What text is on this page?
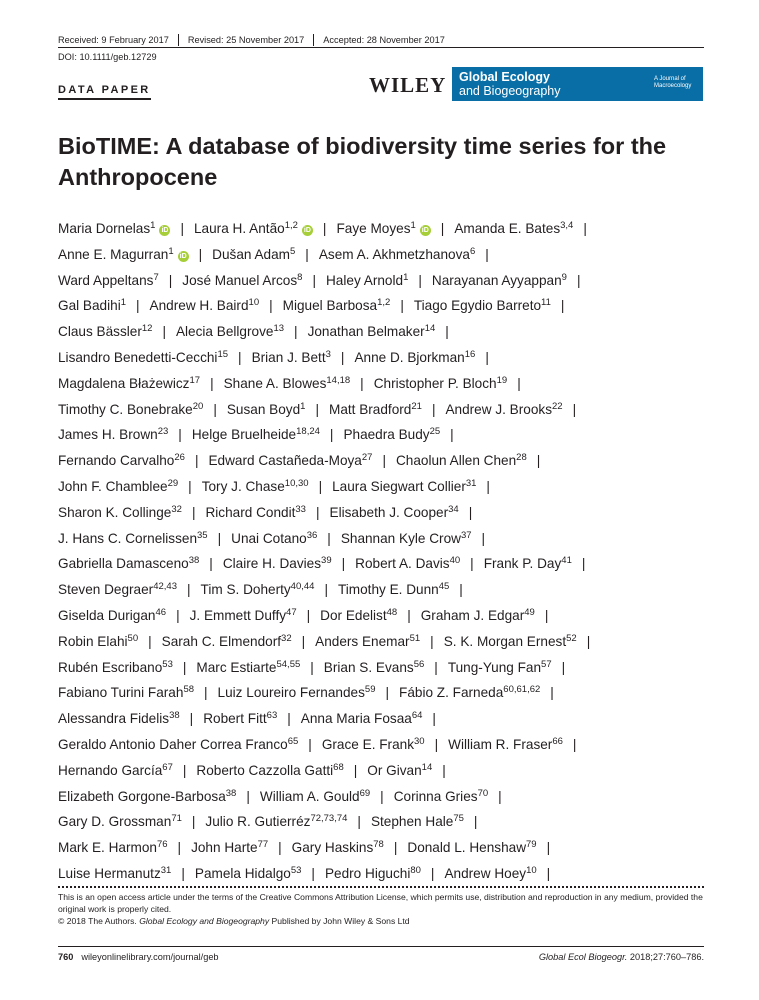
Received: 9 February 2017 Revised: 25 November 2017 Accepted: 28 November 2017
DOI: 10.1111/geb.12729
DATA PAPER	WILEY Global Ecology
and Biogeography
A Journal of Macroecology
BioTIME: A database of biodiversity time series for the Anthropocene
Maria Dornelas$^1$ iD | Laura H. Antão$^{1,2}$ iD | Faye Moyes$^1$ iD | Amanda E. Bates$^{3,4}$ |
Anne E. Magurran$^1$ iD | Dušan Adam$^5$ | Asem A. Akhmetzhanova$^6$ |
Ward Appeltans$^7$ | José Manuel Arcos$^8$ | Haley Arnold$^1$ | Narayanan Ayyappan$^9$ |
Gal Badihi$^1$ | Andrew H. Baird$^{10}$ | Miguel Barbosa$^{1,2}$ | Tiago Egydio Barreto$^{11}$ |
Claus Bässler$^{12}$ | Alecia Bellgrove$^{13}$ | Jonathan Belmaker$^{14}$ |
Lisandro Benedetti-Cecchi$^{15}$ | Brian J. Bett$^3$ | Anne D. Bjorkman$^{16}$ |
Magdalena Błażewicz$^{17}$ | Shane A. Blowes$^{14,18}$ | Christopher P. Bloch$^{19}$ |
Timothy C. Bonebrake$^{20}$ | Susan Boyd$^1$ | Matt Bradford$^{21}$ | Andrew J. Brooks$^{22}$ |
James H. Brown$^{23}$ | Helge Bruelheide$^{18,24}$ | Phaedra Budy$^{25}$ |
Fernando Carvalho$^{26}$ | Edward Castañeda-Moya$^{27}$ | Chaolun Allen Chen$^{28}$ |
John F. Chamblee$^{29}$ | Tory J. Chase$^{10,30}$ | Laura Siegwart Collier$^{31}$ |
Sharon K. Collinge$^{32}$ | Richard Condit$^{33}$ | Elisabeth J. Cooper$^{34}$ |
J. Hans C. Cornelissen$^{35}$ | Unai Cotano$^{36}$ | Shannan Kyle Crow$^{37}$ |
Gabriella Damasceno$^{38}$ | Claire H. Davies$^{39}$ | Robert A. Davis$^{40}$ | Frank P. Day$^{41}$ |
Steven Degraer$^{42,43}$ | Tim S. Doherty$^{40,44}$ | Timothy E. Dunn$^{45}$ |
Giselda Durigan$^{46}$ | J. Emmett Duffy$^{47}$ | Dor Edelist$^{48}$ | Graham J. Edgar$^{49}$ |
Robin Elahi$^{50}$ | Sarah C. Elmendorf$^{32}$ | Anders Enemar$^{51}$ | S. K. Morgan Ernest$^{52}$ |
Rubén Escribano$^{53}$ | Marc Estiarte$^{54,55}$ | Brian S. Evans$^{56}$ | Tung-Yung Fan$^{57}$ |
Fabiano Turini Farah$^{58}$ | Luiz Loureiro Fernandes$^{59}$ | Fábio Z. Farneda$^{60,61,62}$ |
Alessandra Fidelis$^{38}$ | Robert Fitt$^{63}$ | Anna Maria Fosaa$^{64}$ |
Geraldo Antonio Daher Correa Franco$^{65}$ | Grace E. Frank$^{30}$ | William R. Fraser$^{66}$ |
Hernando García$^{67}$ | Roberto Cazzolla Gatti$^{68}$ | Or Givan$^{14}$ |
Elizabeth Gorgone-Barbosa$^{38}$ | William A. Gould$^{69}$ | Corinna Gries$^{70}$ |
Gary D. Grossman$^{71}$ | Julio R. Gutierréz$^{72,73,74}$ | Stephen Hale$^{75}$ |
Mark E. Harmon$^{76}$ | John Harte$^{77}$ | Gary Haskins$^{78}$ | Donald L. Henshaw$^{79}$ |
Luise Hermanutz$^{31}$ | Pamela Hidalgo$^{53}$ | Pedro Higuchi$^{80}$ | Andrew Hoey$^{10}$ |
This is an open access article under the terms of the Creative Commons Attribution License, which permits use, distribution and reproduction in any medium, provided the original work is properly cited.
© 2018 The Authors. Global Ecology and Biogeography Published by John Wiley & Sons Ltd
760 wileyonlinelibrary.com/journal/geb	Global Ecol Biogeogr. 2018;27:760–786.
